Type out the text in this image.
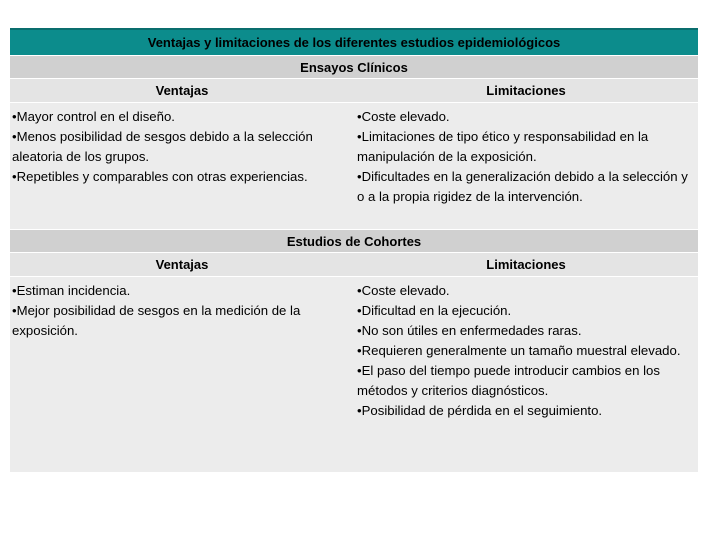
Ventajas y limitaciones de los diferentes estudios epidemiológicos
Ensayos Clínicos
Ventajas	Limitaciones
•Mayor control en el diseño.
•Menos posibilidad de sesgos debido a la selección aleatoria de los grupos.
•Repetibles y comparables con otras experiencias.
•Coste elevado.
•Limitaciones de tipo ético y responsabilidad en la manipulación de la exposición.
•Dificultades en la generalización debido a la selección y o a la propia rigidez de la intervención.
Estudios de Cohortes
Ventajas	Limitaciones
•Estiman incidencia.
•Mejor posibilidad de sesgos en la medición de la exposición.
•Coste elevado.
•Dificultad en la ejecución.
•No son útiles en enfermedades raras.
•Requieren generalmente un tamaño muestral elevado.
•El paso del tiempo puede introducir cambios en los métodos y criterios diagnósticos.
•Posibilidad de pérdida en el seguimiento.
